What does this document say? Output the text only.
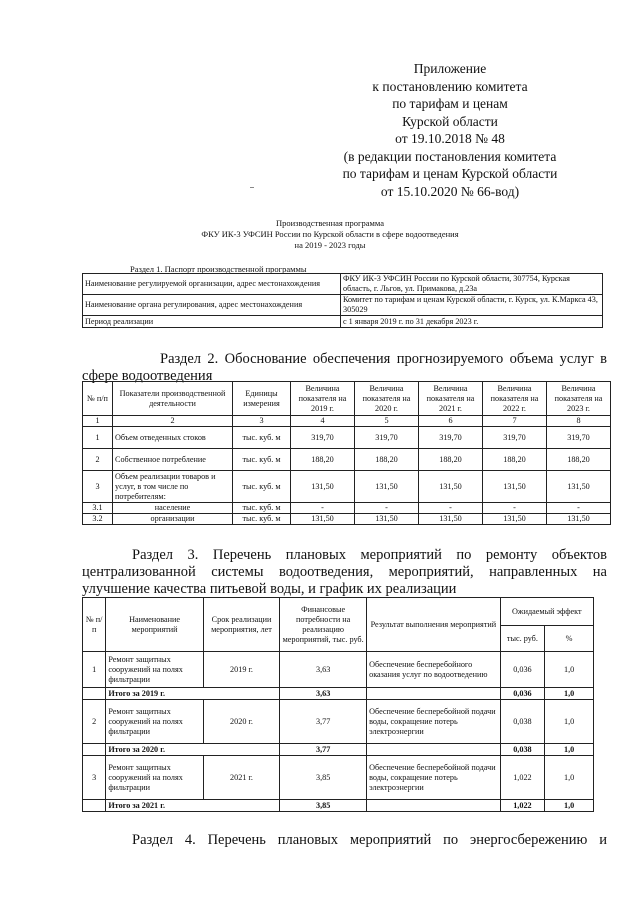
Приложение
к постановлению комитета
по тарифам и ценам
Курской области
от 19.10.2018 № 48
(в редакции постановления комитета
по тарифам и ценам Курской области
от 15.10.2020 № 66-вод)
Производственная программа
ФКУ ИК-3 УФСИН России по Курской области в сфере водоотведения
на 2019 - 2023 годы
Раздел 1. Паспорт производственной программы
Наименование регулируемой организации, адрес местонахождения	ФКУ ИК-3 УФСИН России по Курской области, 307754, Курская область, г. Льгов, ул. Примакова, д.23а
Наименование органа регулирования, адрес местонахождения	Комитет по тарифам и ценам Курской области, г. Курск, ул. К.Маркса 43, 305029
Период реализации	с 1 января 2019 г. по 31 декабря 2023 г.
Раздел 2. Обоснование обеспечения прогнозируемого объема услуг в сфере водоотведения
№ п/п	Показатели производственной деятельности	Единицы измерения	Величина показателя на 2019 г.	Величина показателя на 2020 г.	Величина показателя на 2021 г.	Величина показателя на 2022 г.	Величина показателя на 2023 г.
1	2	3	4	5	6	7	8
1	Объем отведенных стоков	тыс. куб. м	319,70	319,70	319,70	319,70	319,70
2	Собственное потребление	тыс. куб. м	188,20	188,20	188,20	188,20	188,20
3	Объем реализации товаров и услуг, в том числе по потребителям:	тыс. куб. м	131,50	131,50	131,50	131,50	131,50
3.1	население	тыс. куб. м	-	-	-	-	-
3.2	организации	тыс. куб. м	131,50	131,50	131,50	131,50	131,50
Раздел 3. Перечень плановых мероприятий по ремонту объектов централизованной системы водоотведения, мероприятий, направленных на улучшение качества питьевой воды, и график их реализации
№ п/п	Наименование мероприятий	Срок реализации мероприятия, лет	Финансовые потребности на реализацию мероприятий, тыс. руб.	Результат выполнения мероприятий	Ожидаемый эффект	
					тыс. руб.	%
1	Ремонт защитных сооружений на полях фильтрации	2019 г.	3,63	Обеспечение бесперебойного оказания услуг по водоотведению	0,036	1,0
	Итого за 2019 г.		3,63		0,036	1,0
2	Ремонт защитных сооружений на полях фильтрации	2020 г.	3,77	Обеспечение бесперебойной подачи воды, сокращение потерь электроэнергии	0,038	1,0
	Итого за 2020 г.		3,77		0,038	1,0
3	Ремонт защитных сооружений на полях фильтрации	2021 г.	3,85	Обеспечение бесперебойной подачи воды, сокращение потерь электроэнергии	1,022	1,0
	Итого за 2021 г.		3,85		1,022	1,0
Раздел 4. Перечень плановых мероприятий по энергосбережению и
